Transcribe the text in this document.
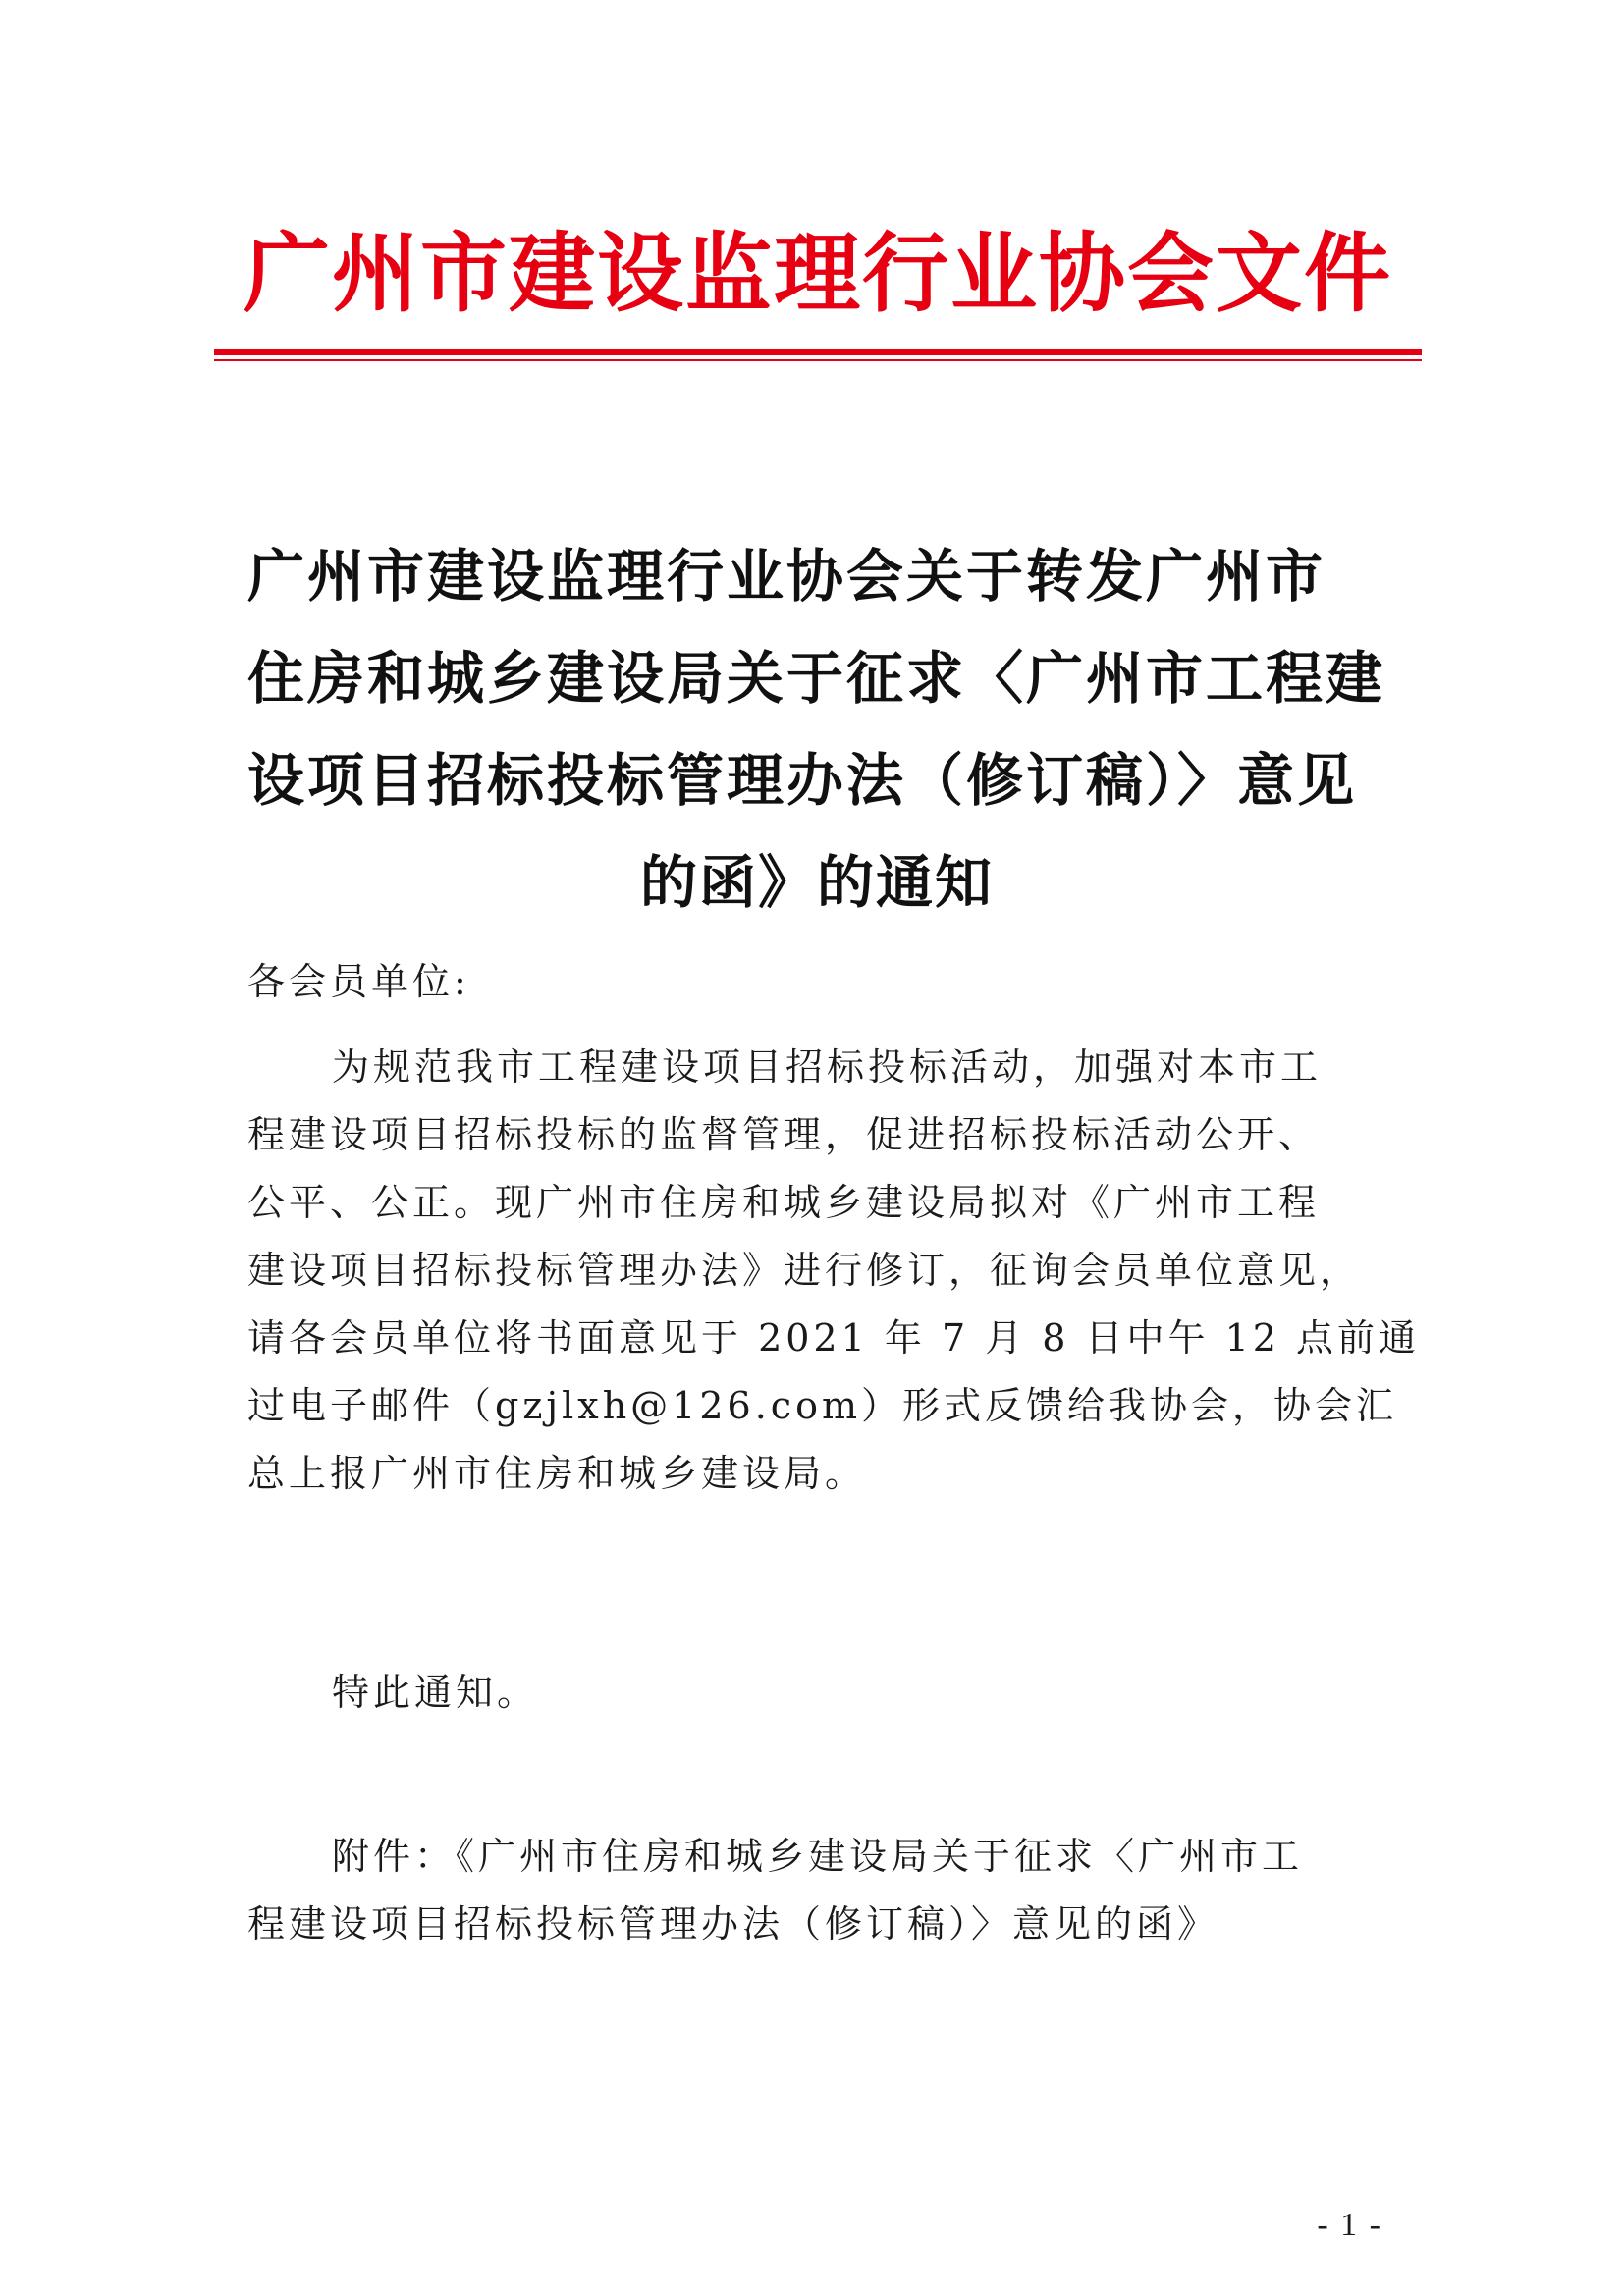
广州市建设监理行业协会文件
广州市建设监理行业协会关于转发广州市
住房和城乡建设局关于征求〈广州市工程建
设项目招标投标管理办法（修订稿）〉意见
的函》的通知
各会员单位:
为规范我市工程建设项目招标投标活动，加强对本市工
程建设项目招标投标的监督管理，促进招标投标活动公开、
公平、公正。现广州市住房和城乡建设局拟对《广州市工程
建设项目招标投标管理办法》进行修订，征询会员单位意见，
请各会员单位将书面意见于 2021 年 7 月 8 日中午 12 点前通
过电子邮件（gzjlxh@126.com）形式反馈给我协会，协会汇
总上报广州市住房和城乡建设局。
特此通知。
附件：《广州市住房和城乡建设局关于征求〈广州市工
程建设项目招标投标管理办法（修订稿）〉意见的函》
- 1 -
